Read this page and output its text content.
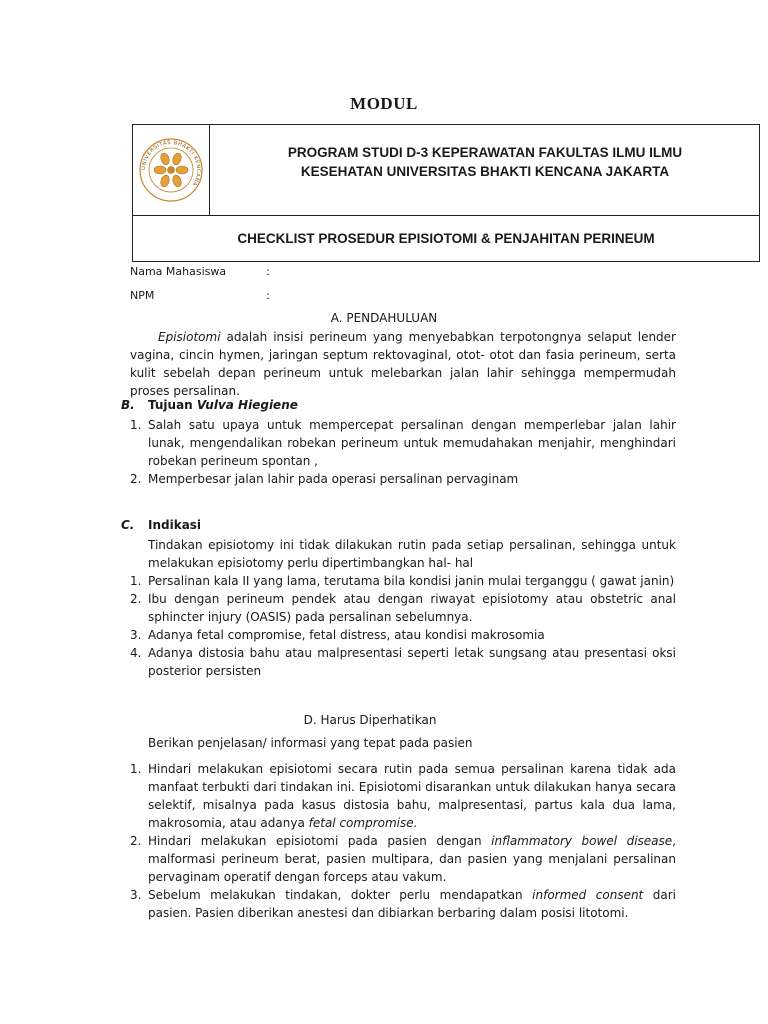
MODUL
UNIVERSITAS BHAKTI KENCANA
PROGRAM STUDI D-3 KEPERAWATAN FAKULTAS ILMU ILMU
KESEHATAN UNIVERSITAS BHAKTI KENCANA JAKARTA
CHECKLIST PROSEDUR EPISIOTOMI & PENJAHITAN PERINEUM
Nama Mahasiswa	:
NPM	:
A. PENDAHULUAN
Episiotomi adalah insisi perineum yang menyebabkan terpotongnya selaput lender vagina, cincin hymen, jaringan septum rektovaginal, otot- otot dan fasia perineum, serta kulit sebelah depan perineum untuk melebarkan jalan lahir sehingga mempermudah proses persalinan.
B. Tujuan Vulva Hiegiene
1. Salah satu upaya untuk mempercepat persalinan dengan memperlebar jalan lahir lunak, mengendalikan robekan perineum untuk memudahakan menjahir, menghindari robekan perineum spontan ,
2. Memperbesar jalan lahir pada operasi persalinan pervaginam
C. Indikasi
Tindakan episiotomy ini tidak dilakukan rutin pada setiap persalinan, sehingga untuk melakukan episiotomy perlu dipertimbangkan hal- hal
1. Persalinan kala II yang lama, terutama bila kondisi janin mulai terganggu ( gawat janin)
2. Ibu dengan perineum pendek atau dengan riwayat episiotomy atau obstetric anal sphincter injury (OASIS) pada persalinan sebelumnya.
3. Adanya fetal compromise, fetal distress, atau kondisi makrosomia
4. Adanya distosia bahu atau malpresentasi seperti letak sungsang atau presentasi oksi posterior persisten
D. Harus Diperhatikan
Berikan penjelasan/ informasi yang tepat pada pasien
1. Hindari melakukan episiotomi secara rutin pada semua persalinan karena tidak ada manfaat terbukti dari tindakan ini. Episiotomi disarankan untuk dilakukan hanya secara selektif, misalnya pada kasus distosia bahu, malpresentasi, partus kala dua lama, makrosomia, atau adanya fetal compromise.
2. Hindari melakukan episiotomi pada pasien dengan inflammatory bowel disease, malformasi perineum berat, pasien multipara, dan pasien yang menjalani persalinan pervaginam operatif dengan forceps atau vakum.
3. Sebelum melakukan tindakan, dokter perlu mendapatkan informed consent dari pasien. Pasien diberikan anestesi dan dibiarkan berbaring dalam posisi litotomi.
